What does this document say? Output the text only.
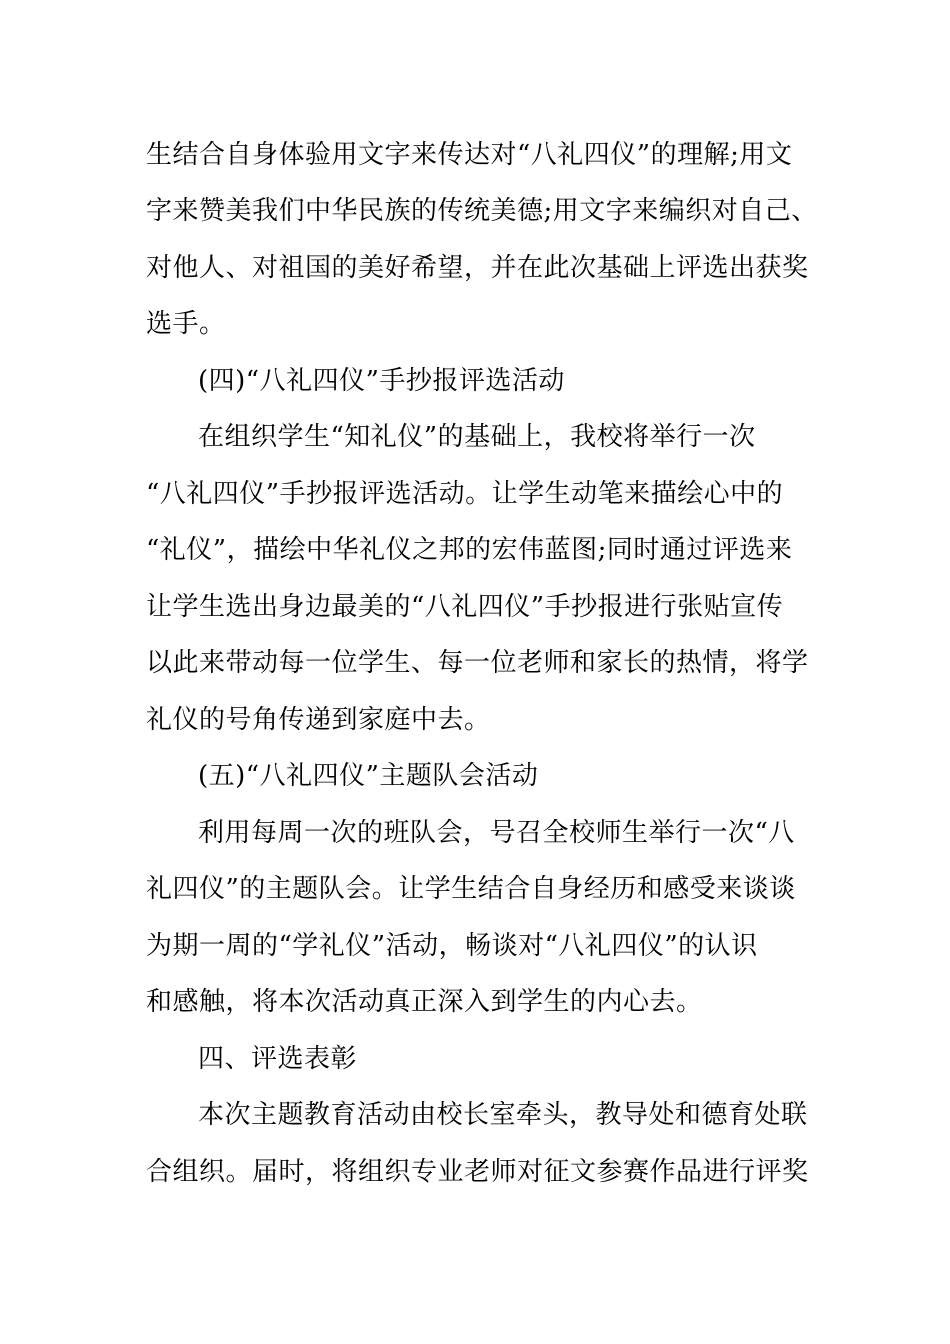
生结合自身体验用文字来传达对“八礼四仪”的理解;用文
字来赞美我们中华民族的传统美德;用文字来编织对自己、
对他人、对祖国的美好希望，并在此次基础上评选出获奖
选手。
(四)“八礼四仪”手抄报评选活动
在组织学生“知礼仪”的基础上，我校将举行一次
“八礼四仪”手抄报评选活动。让学生动笔来描绘心中的
“礼仪”，描绘中华礼仪之邦的宏伟蓝图;同时通过评选来
让学生选出身边最美的“八礼四仪”手抄报进行张贴宣传
以此来带动每一位学生、每一位老师和家长的热情，将学
礼仪的号角传递到家庭中去。
(五)“八礼四仪”主题队会活动
利用每周一次的班队会，号召全校师生举行一次“八
礼四仪”的主题队会。让学生结合自身经历和感受来谈谈
为期一周的“学礼仪”活动，畅谈对“八礼四仪”的认识
和感触，将本次活动真正深入到学生的内心去。
四、评选表彰
本次主题教育活动由校长室牵头，教导处和德育处联
合组织。届时，将组织专业老师对征文参赛作品进行评奖
